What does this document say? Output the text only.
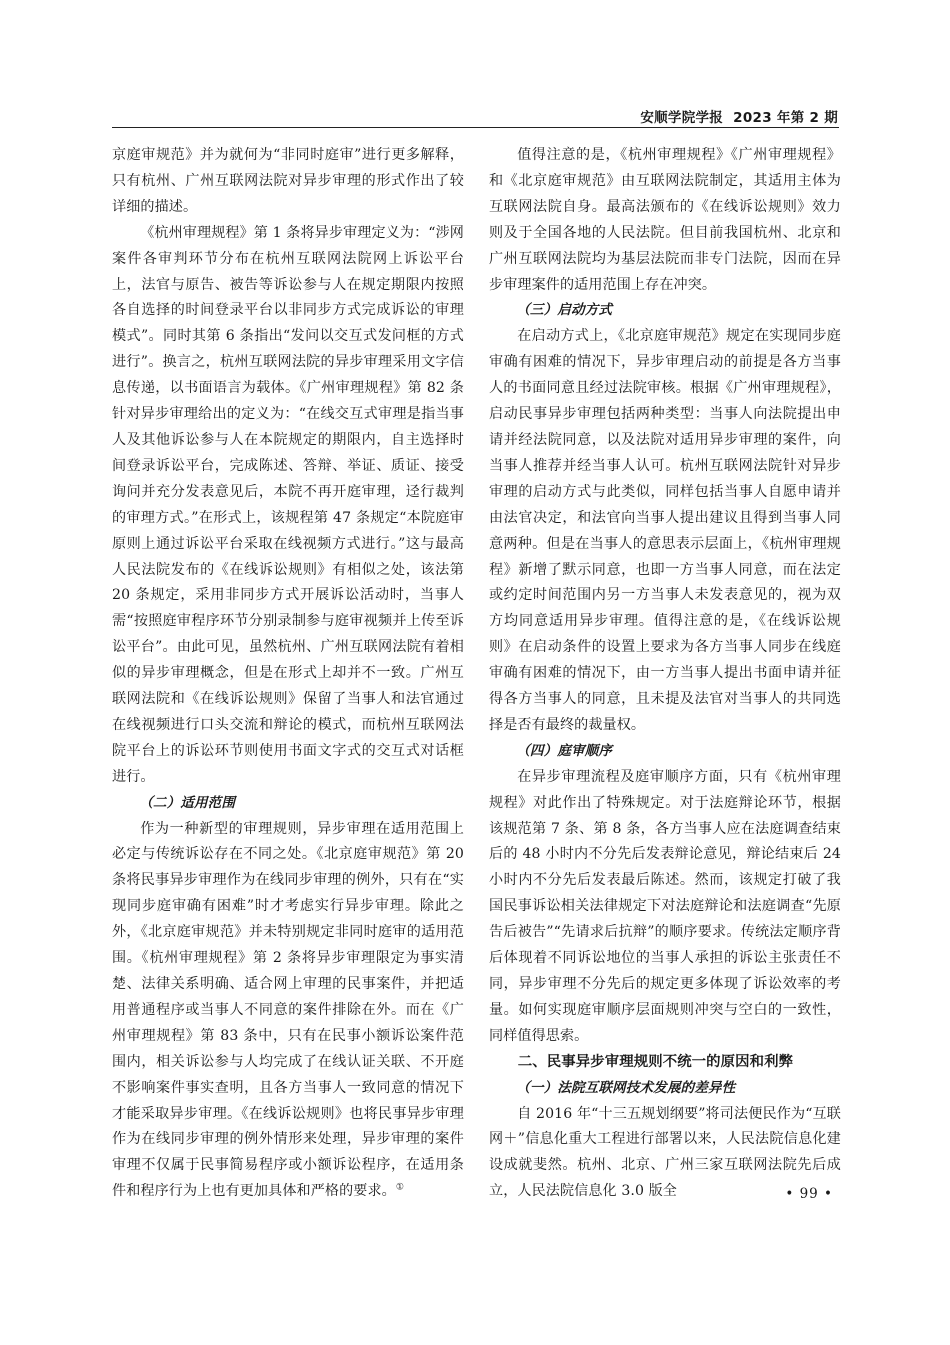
安顺学院学报 2023 年第 2 期

京庭审规范》并为就何为“非同时庭审”进行更多解释，只有杭州、广州互联网法院对异步审理的形式作出了较详细的描述。

《杭州审理规程》第 1 条将异步审理定义为：“涉网案件各审判环节分布在杭州互联网法院网上诉讼平台上，法官与原告、被告等诉讼参与人在规定期限内按照各自选择的时间登录平台以非同步方式完成诉讼的审理模式”。同时其第 6 条指出“发问以交互式发问框的方式进行”。换言之，杭州互联网法院的异步审理采用文字信息传递，以书面语言为载体。《广州审理规程》第 82 条针对异步审理给出的定义为：“在线交互式审理是指当事人及其他诉讼参与人在本院规定的期限内，自主选择时间登录诉讼平台，完成陈述、答辩、举证、质证、接受询问并充分发表意见后，本院不再开庭审理，迳行裁判的审理方式。”在形式上，该规程第 47 条规定“本院庭审原则上通过诉讼平台采取在线视频方式进行。”这与最高人民法院发布的《在线诉讼规则》有相似之处，该法第 20 条规定，采用非同步方式开展诉讼活动时，当事人需“按照庭审程序环节分别录制参与庭审视频并上传至诉讼平台”。由此可见，虽然杭州、广州互联网法院有着相似的异步审理概念，但是在形式上却并不一致。广州互联网法院和《在线诉讼规则》保留了当事人和法官通过在线视频进行口头交流和辩论的模式，而杭州互联网法院平台上的诉讼环节则使用书面文字式的交互式对话框进行。

（二）适用范围

作为一种新型的审理规则，异步审理在适用范围上必定与传统诉讼存在不同之处。《北京庭审规范》第 20 条将民事异步审理作为在线同步审理的例外，只有在“实现同步庭审确有困难”时才考虑实行异步审理。除此之外，《北京庭审规范》并未特别规定非同时庭审的适用范围。《杭州审理规程》第 2 条将异步审理限定为事实清楚、法律关系明确、适合网上审理的民事案件，并把适用普通程序或当事人不同意的案件排除在外。而在《广州审理规程》第 83 条中，只有在民事小额诉讼案件范围内，相关诉讼参与人均完成了在线认证关联、不开庭不影响案件事实查明，且各方当事人一致同意的情况下才能采取异步审理。《在线诉讼规则》也将民事异步审理作为在线同步审理的例外情形来处理，异步审理的案件审理不仅属于民事简易程序或小额诉讼程序，在适用条件和程序行为上也有更加具体和严格的要求。①

值得注意的是，《杭州审理规程》《广州审理规程》和《北京庭审规范》由互联网法院制定，其适用主体为互联网法院自身。最高法颁布的《在线诉讼规则》效力则及于全国各地的人民法院。但目前我国杭州、北京和广州互联网法院均为基层法院而非专门法院，因而在异步审理案件的适用范围上存在冲突。

（三）启动方式

在启动方式上，《北京庭审规范》规定在实现同步庭审确有困难的情况下，异步审理启动的前提是各方当事人的书面同意且经过法院审核。根据《广州审理规程》，启动民事异步审理包括两种类型：当事人向法院提出申请并经法院同意，以及法院对适用异步审理的案件，向当事人推荐并经当事人认可。杭州互联网法院针对异步审理的启动方式与此类似，同样包括当事人自愿申请并由法官决定，和法官向当事人提出建议且得到当事人同意两种。但是在当事人的意思表示层面上，《杭州审理规程》新增了默示同意，也即一方当事人同意，而在法定或约定时间范围内另一方当事人未发表意见的，视为双方均同意适用异步审理。值得注意的是，《在线诉讼规则》在启动条件的设置上要求为各方当事人同步在线庭审确有困难的情况下，由一方当事人提出书面申请并征得各方当事人的同意，且未提及法官对当事人的共同选择是否有最终的裁量权。

（四）庭审顺序

在异步审理流程及庭审顺序方面，只有《杭州审理规程》对此作出了特殊规定。对于法庭辩论环节，根据该规范第 7 条、第 8 条，各方当事人应在法庭调查结束后的 48 小时内不分先后发表辩论意见，辩论结束后 24 小时内不分先后发表最后陈述。然而，该规定打破了我国民事诉讼相关法律规定下对法庭辩论和法庭调查“先原告后被告”“先请求后抗辩”的顺序要求。传统法定顺序背后体现着不同诉讼地位的当事人承担的诉讼主张责任不同，异步审理不分先后的规定更多体现了诉讼效率的考量。如何实现庭审顺序层面规则冲突与空白的一致性，同样值得思索。

二、民事异步审理规则不统一的原因和利弊
（一）法院互联网技术发展的差异性

自 2016 年“十三五规划纲要”将司法便民作为“互联网＋”信息化重大工程进行部署以来，人民法院信息化建设成就斐然。杭州、北京、广州三家互联网法院先后成立，人民法院信息化 3.0 版全	• 99 •
